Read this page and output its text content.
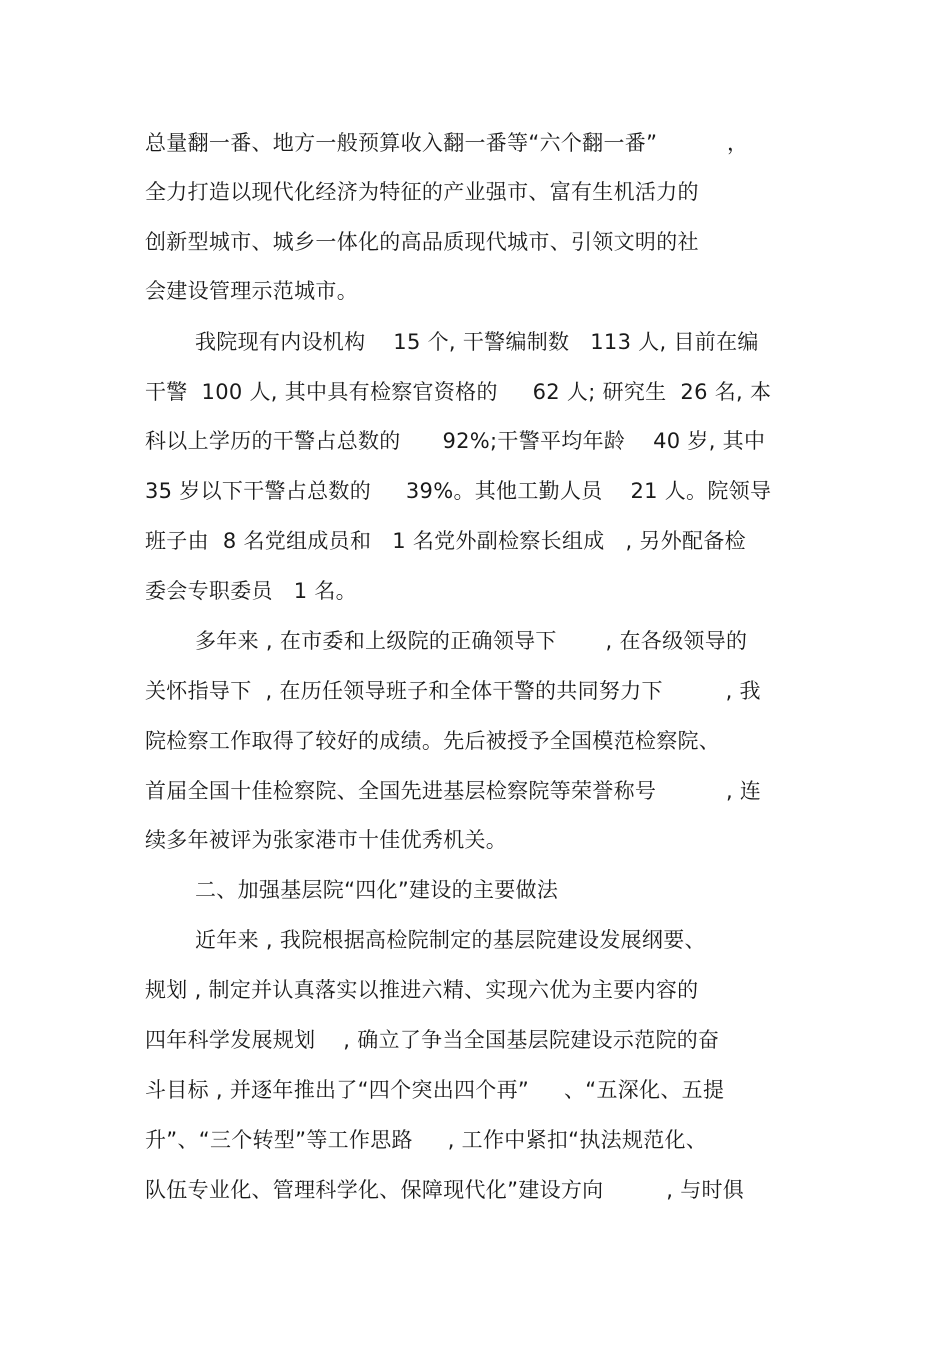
总量翻一番、地方一般预算收入翻一番等“六个翻一番”          ，
全力打造以现代化经济为特征的产业强市、富有生机活力的
创新型城市、城乡一体化的高品质现代城市、引领文明的社
会建设管理示范城市。
我院现有内设机构    15 个, 干警编制数   113 人, 目前在编
干警  100 人, 其中具有检察官资格的     62 人; 研究生  26 名, 本
科以上学历的干警占总数的      92%;干警平均年龄    40 岁, 其中
35 岁以下干警占总数的     39%。其他工勤人员    21 人。院领导
班子由  8 名党组成员和   1 名党外副检察长组成   , 另外配备检
委会专职委员   1 名。
多年来 , 在市委和上级院的正确领导下       , 在各级领导的
关怀指导下  , 在历任领导班子和全体干警的共同努力下         , 我
院检察工作取得了较好的成绩。先后被授予全国模范检察院、
首届全国十佳检察院、全国先进基层检察院等荣誉称号          , 连
续多年被评为张家港市十佳优秀机关。
二、加强基层院“四化”建设的主要做法
近年来 , 我院根据高检院制定的基层院建设发展纲要、
规划 , 制定并认真落实以推进六精、实现六优为主要内容的
四年科学发展规划    , 确立了争当全国基层院建设示范院的奋
斗目标 , 并逐年推出了“四个突出四个再”     、“五深化、五提
升”、“三个转型”等工作思路     , 工作中紧扣“执法规范化、
队伍专业化、管理科学化、保障现代化”建设方向         , 与时俱
